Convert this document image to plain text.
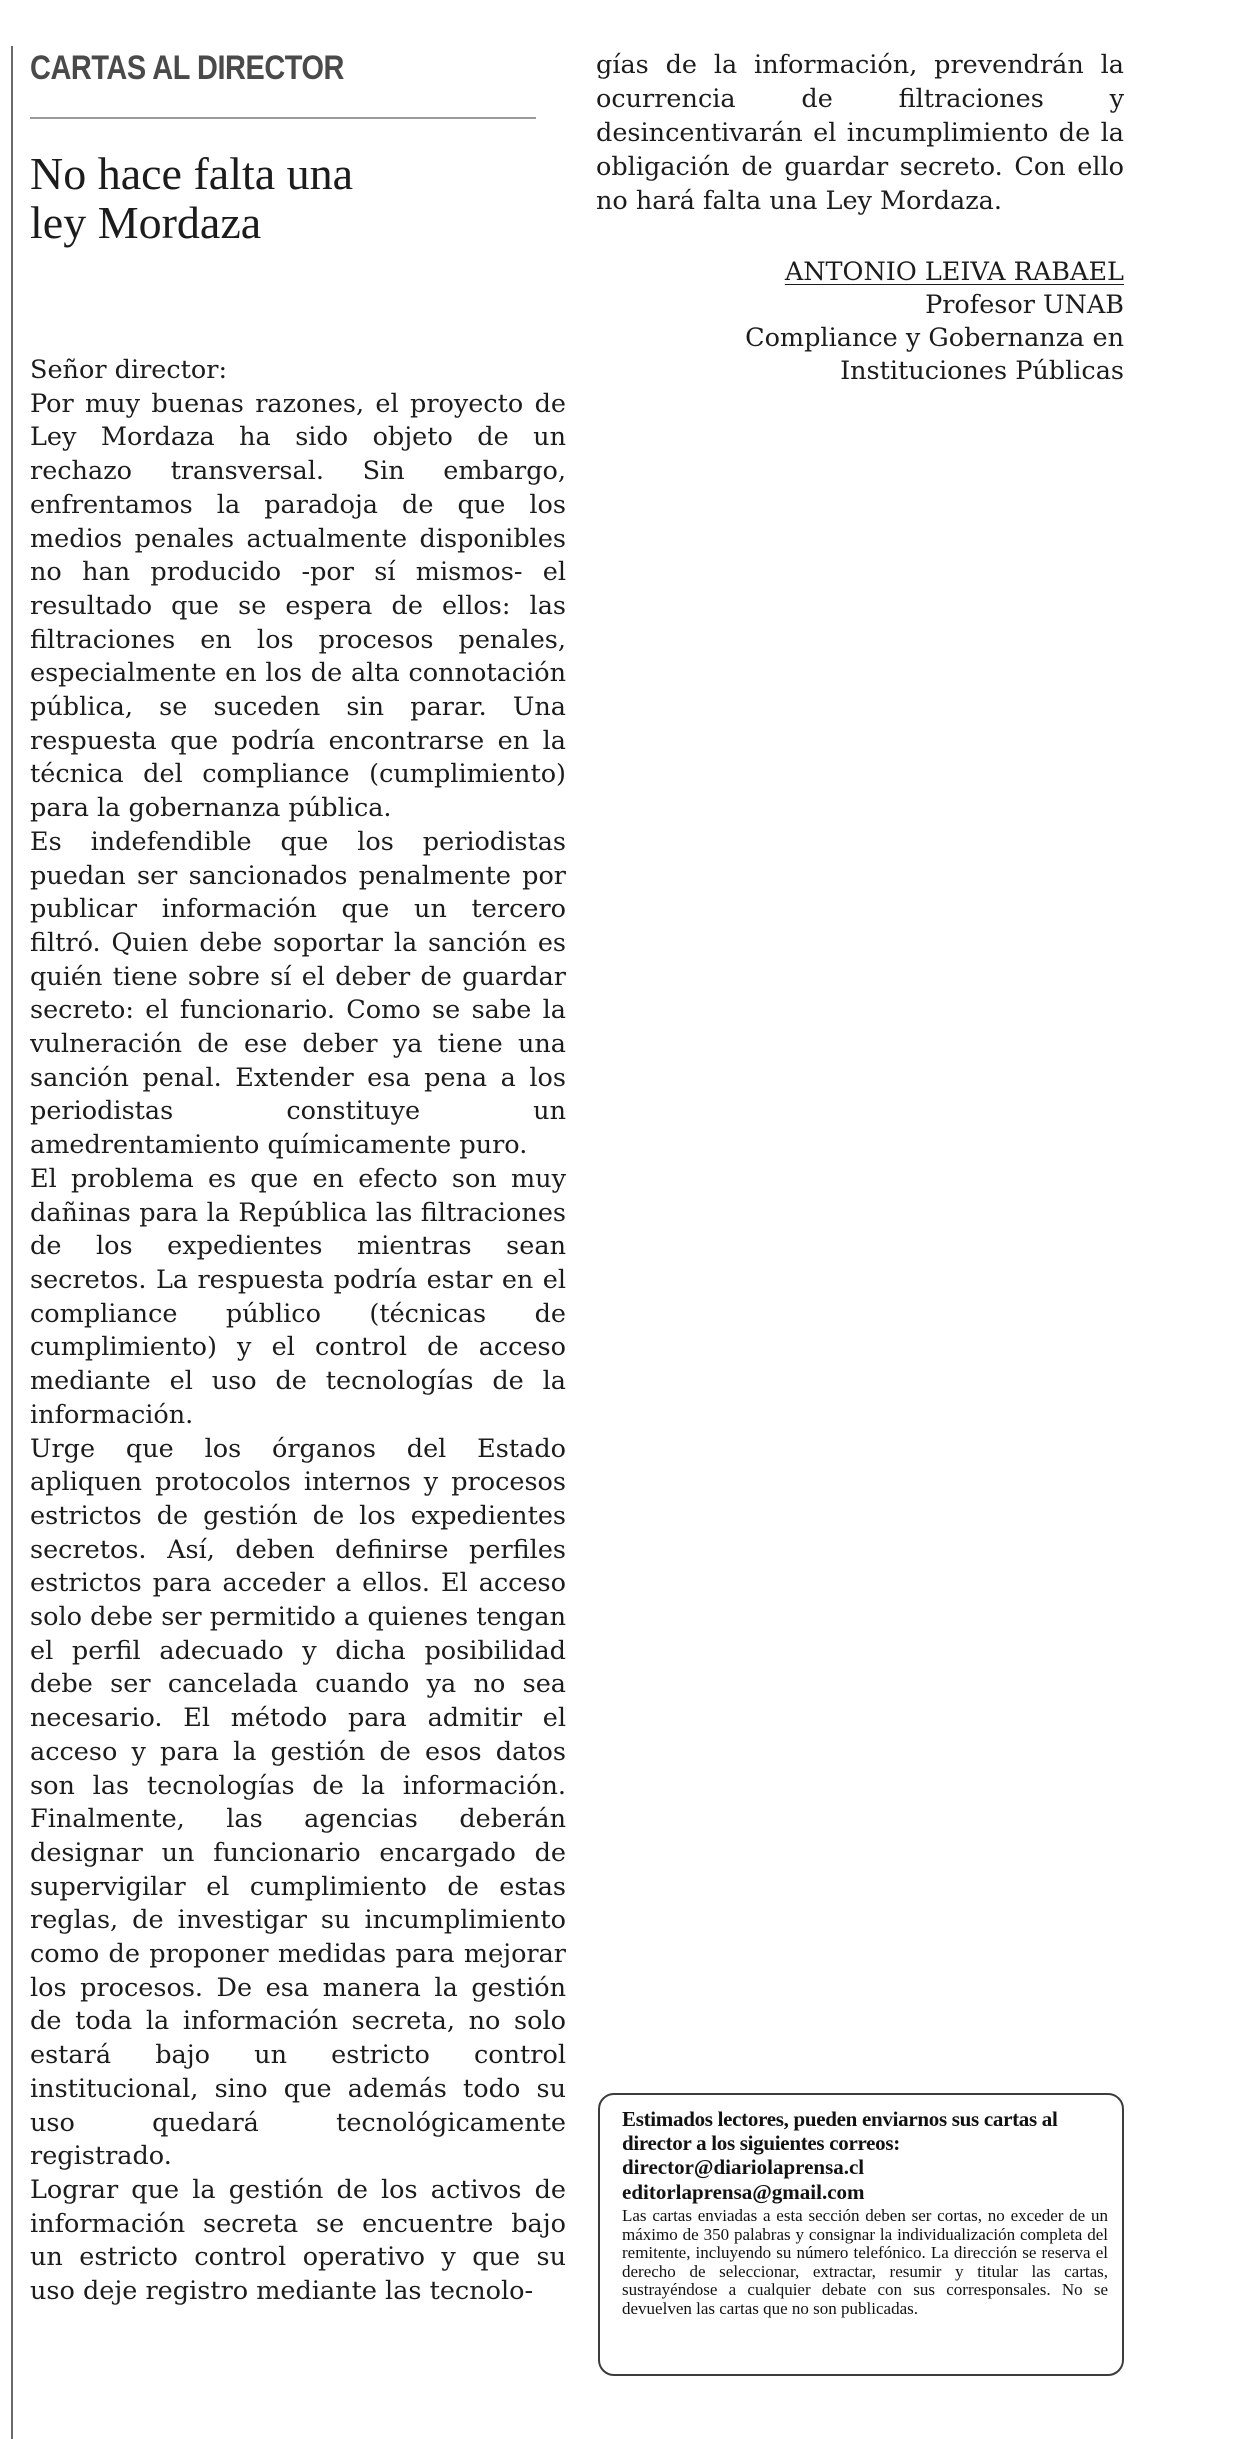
CARTAS AL DIRECTOR
No hace falta una
ley Mordaza

Señor director:

Por muy buenas razones, el proyecto de Ley Mordaza ha sido objeto de un rechazo transversal. Sin embargo, enfrentamos la paradoja de que los medios penales actualmente disponibles no han producido -por sí mismos- el resultado que se espera de ellos: las filtraciones en los procesos penales, especialmente en los de alta connotación pública, se suceden sin parar. Una respuesta que podría encontrarse en la técnica del compliance (cumplimiento) para la gobernanza pública.

Es indefendible que los periodistas puedan ser sancionados penalmente por publicar información que un tercero filtró. Quien debe soportar la sanción es quién tiene sobre sí el deber de guardar secreto: el funcionario. Como se sabe la vulneración de ese deber ya tiene una sanción penal. Extender esa pena a los periodistas constituye un amedrentamiento químicamente puro.

El problema es que en efecto son muy dañinas para la República las filtraciones de los expedientes mientras sean secretos. La respuesta podría estar en el compliance público (técnicas de cumplimiento) y el control de acceso mediante el uso de tecnologías de la información.

Urge que los órganos del Estado apliquen protocolos internos y procesos estrictos de gestión de los expedientes secretos. Así, deben definirse perfiles estrictos para acceder a ellos. El acceso solo debe ser permitido a quienes tengan el perfil adecuado y dicha posibilidad debe ser cancelada cuando ya no sea necesario. El método para admitir el acceso y para la gestión de esos datos son las tecnologías de la información. Finalmente, las agencias deberán designar un funcionario encargado de supervigilar el cumplimiento de estas reglas, de investigar su incumplimiento como de proponer medidas para mejorar los procesos. De esa manera la gestión de toda la información secreta, no solo estará bajo un estricto control institucional, sino que además todo su uso quedará tecnológicamente registrado.

Lograr que la gestión de los activos de información secreta se encuentre bajo un estricto control operativo y que su uso deje registro mediante las tecnolo-

gías de la información, prevendrán la ocurrencia de filtraciones y desincentivarán el incumplimiento de la obligación de guardar secreto. Con ello no hará falta una Ley Mordaza.

ANTONIO LEIVA RABAEL
Profesor UNAB
Compliance y Gobernanza en
Instituciones Públicas

Estimados lectores, pueden enviarnos sus cartas al director a los siguientes correos:

director@diariolaprensa.cl
editorlaprensa@gmail.com

Las cartas enviadas a esta sección deben ser cortas, no exceder de un máximo de 350 palabras y consignar la individualización completa del remitente, incluyendo su número telefónico. La dirección se reserva el derecho de seleccionar, extractar, resumir y titular las cartas, sustrayéndose a cualquier debate con sus corresponsales. No se devuelven las cartas que no son publicadas.
